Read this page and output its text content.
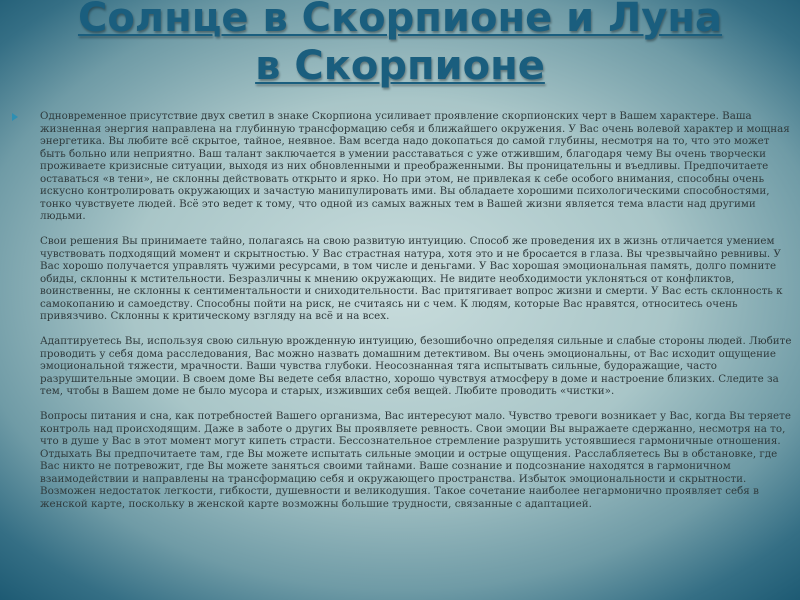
Солнце в Скорпионе и Луна
в Скорпионе

Одновременное присутствие двух светил в знаке Скорпиона усиливает проявление скорпионских черт в Вашем характере. Ваша жизненная энергия направлена на глубинную трансформацию себя и ближайшего окружения. У Вас очень волевой характер и мощная энергетика. Вы любите всё скрытое, тайное, неявное. Вам всегда надо докопаться до самой глубины, несмотря на то, что это может быть больно или неприятно. Ваш талант заключается в умении расставаться с уже отжившим, благодаря чему Вы очень творчески проживаете кризисные ситуации, выходя из них обновленными и преображенными. Вы проницательны и въедливы. Предпочитаете оставаться «в тени», не склонны действовать открыто и ярко. Но при этом, не привлекая к себе особого внимания, способны очень искусно контролировать окружающих и зачастую манипулировать ими. Вы обладаете хорошими психологическими способностями, тонко чувствуете людей. Всё это ведет к тому, что одной из самых важных тем в Вашей жизни является тема власти над другими людьми.

Свои решения Вы принимаете тайно, полагаясь на свою развитую интуицию. Способ же проведения их в жизнь отличается умением чувствовать подходящий момент и скрытностью. У Вас страстная натура, хотя это и не бросается в глаза. Вы чрезвычайно ревнивы. У Вас хорошо получается управлять чужими ресурсами, в том числе и деньгами. У Вас хорошая эмоциональная память, долго помните обиды, склонны к мстительности. Безразличны к мнению окружающих. Не видите необходимости уклоняться от конфликтов, воинственны, не склонны к сентиментальности и сниходительности. Вас притягивает вопрос жизни и смерти. У Вас есть склонность к самокопанию и самоедству. Способны пойти на риск, не считаясь ни с чем. К людям, которые Вас нравятся, относитесь очень привязчиво. Склонны к критическому взгляду на всё и на всех.

Адаптируетесь Вы, используя свою сильную врожденную интуицию, безошибочно определяя сильные и слабые стороны людей. Любите проводить у себя дома расследования, Вас можно назвать домашним детективом. Вы очень эмоциональны, от Вас исходит ощущение эмоциональной тяжести, мрачности. Ваши чувства глубоки. Неосознанная тяга испытывать сильные, будоражащие, часто разрушительные эмоции. В своем доме Вы ведете себя властно, хорошо чувствуя атмосферу в доме и настроение близких. Следите за тем, чтобы в Вашем доме не было мусора и старых, изживших себя вещей. Любите проводить «чистки».

Вопросы питания и сна, как потребностей Вашего организма, Вас интересуют мало. Чувство тревоги возникает у Вас, когда Вы теряете контроль над происходящим. Даже в заботе о других Вы проявляете ревность. Свои эмоции Вы выражаете сдержанно, несмотря на то, что в душе у Вас в этот момент могут кипеть страсти. Бессознательное стремление разрушить устоявшиеся гармоничные отношения. Отдыхать Вы предпочитаете там, где Вы можете испытать сильные эмоции и острые ощущения. Расслабляетесь Вы в обстановке, где Вас никто не потревожит, где Вы можете заняться своими тайнами. Ваше сознание и подсознание находятся в гармоничном взаимодействии и направлены на трансформацию себя и окружающего пространства. Избыток эмоциональности и скрытности. Возможен недостаток легкости, гибкости, душевности и великодушия. Такое сочетание наиболее негармонично проявляет себя в женской карте, поскольку в женской карте возможны большие трудности, связанные с адаптацией.
